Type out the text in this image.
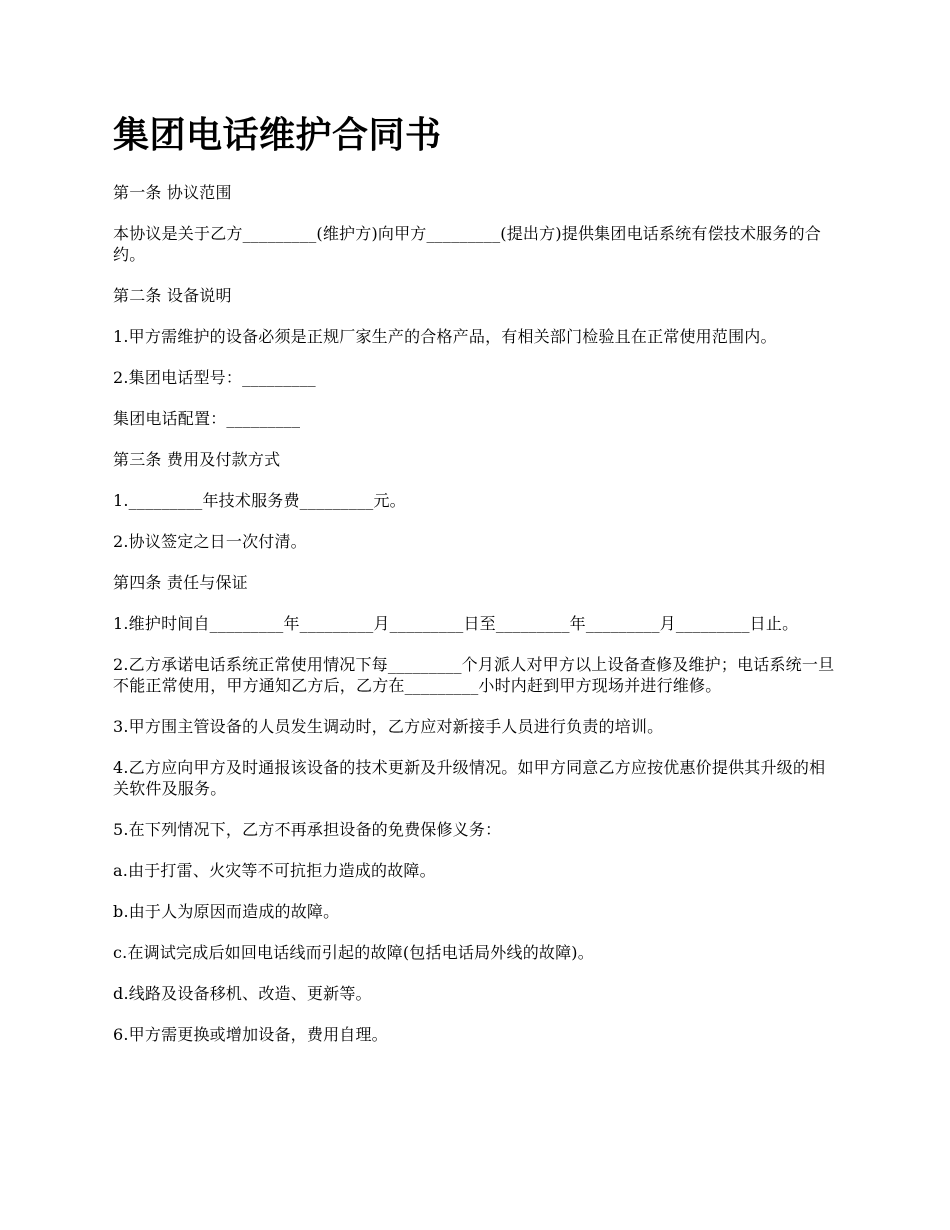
集团电话维护合同书

第一条 协议范围

本协议是关于乙方_________(维护方)向甲方_________(提出方)提供集团电话系统有偿技术服务的合约。

第二条 设备说明

1.甲方需维护的设备必须是正规厂家生产的合格产品，有相关部门检验且在正常使用范围内。

2.集团电话型号：_________

集团电话配置：_________

第三条 费用及付款方式

1._________年技术服务费_________元。

2.协议签定之日一次付清。

第四条 责任与保证

1.维护时间自_________年_________月_________日至_________年_________月_________日止。

2.乙方承诺电话系统正常使用情况下每_________个月派人对甲方以上设备查修及维护；电话系统一旦不能正常使用，甲方通知乙方后，乙方在_________小时内赶到甲方现场并进行维修。

3.甲方围主管设备的人员发生调动时，乙方应对新接手人员进行负责的培训。

4.乙方应向甲方及时通报该设备的技术更新及升级情况。如甲方同意乙方应按优惠价提供其升级的相关软件及服务。

5.在下列情况下，乙方不再承担设备的免费保修义务：

a.由于打雷、火灾等不可抗拒力造成的故障。

b.由于人为原因而造成的故障。

c.在调试完成后如回电话线而引起的故障(包括电话局外线的故障)。

d.线路及设备移机、改造、更新等。

6.甲方需更换或增加设备，费用自理。
